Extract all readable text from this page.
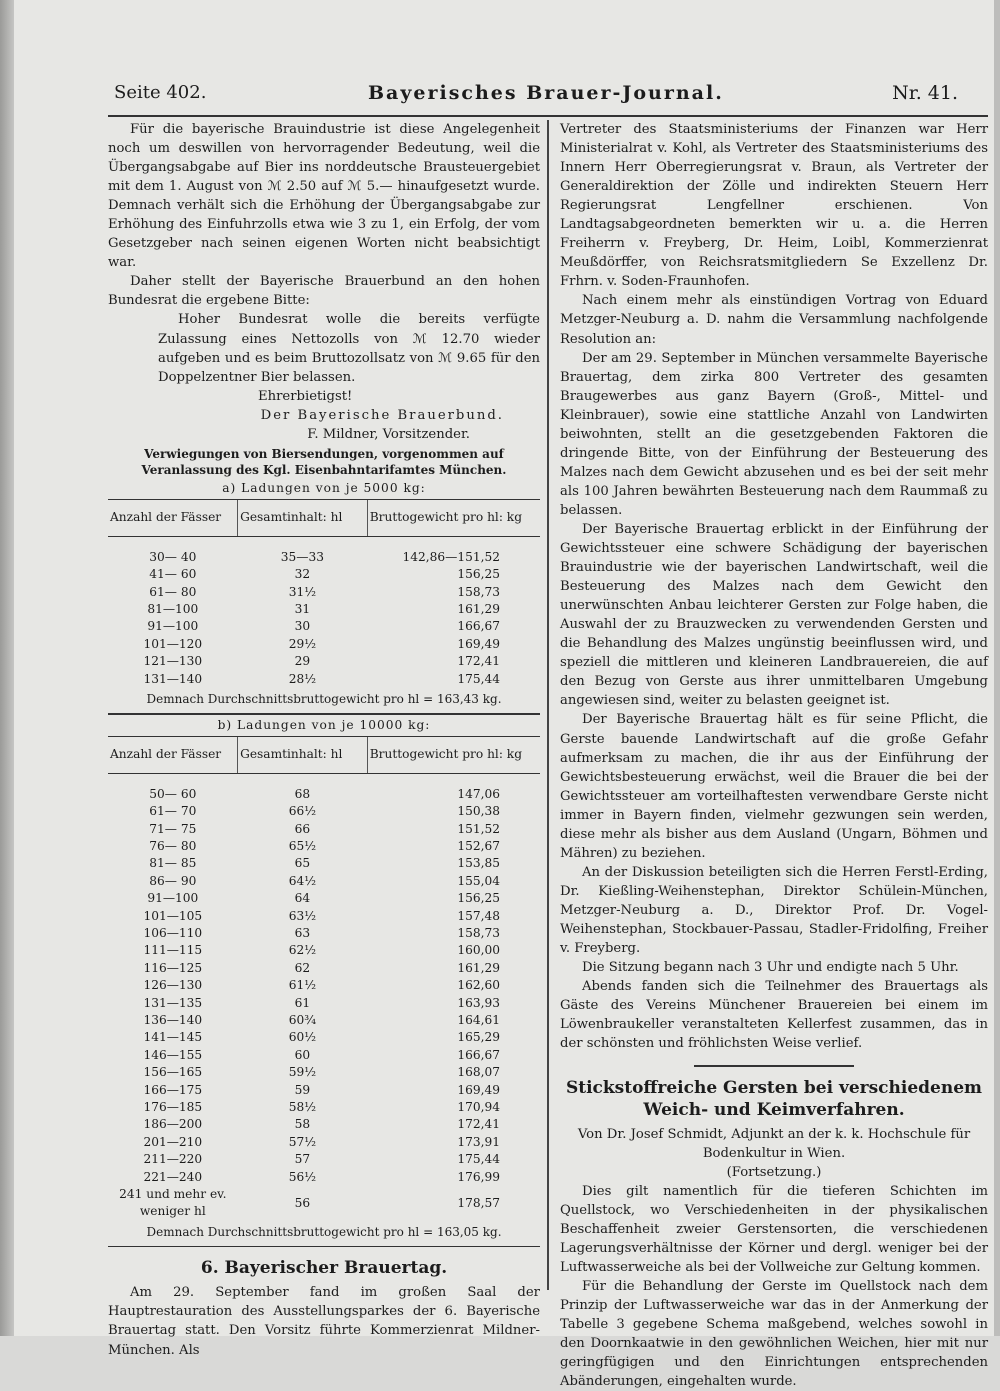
Seite 402.	Bayerisches Brauer-Journal.	Nr. 41.

Für die bayerische Brauindustrie ist diese Angelegenheit noch um deswillen von hervorragender Bedeutung, weil die Übergangsabgabe auf Bier ins norddeutsche Brausteuergebiet mit dem 1. August von ℳ 2.50 auf ℳ 5.— hinaufgesetzt wurde. Demnach verhält sich die Erhöhung der Übergangsabgabe zur Erhöhung des Einfuhrzolls etwa wie 3 zu 1, ein Erfolg, der vom Gesetzgeber nach seinen eigenen Worten nicht beabsichtigt war.

Daher stellt der Bayerische Brauerbund an den hohen Bundesrat die ergebene Bitte:

Hoher Bundesrat wolle die bereits verfügte Zulassung eines Nettozolls von ℳ 12.70 wieder aufgeben und es beim Bruttozollsatz von ℳ 9.65 für den Doppelzentner Bier belassen.

Ehrerbietigst!
Der Bayerische Brauerbund.
F. Mildner, Vorsitzender.
Verwiegungen von Biersendungen, vorgenommen auf Veranlassung des Kgl. Eisenbahntarifamtes München.
a) Ladungen von je 5000 kg:
Anzahl der Fässer	Gesamtinhalt: hl	Bruttogewicht pro hl: kg
30— 40	35—33	142,86—151,52
41— 60	32	156,25
61— 80	31½	158,73
81—100	31	161,29
91—100	30	166,67
101—120	29½	169,49
121—130	29	172,41
131—140	28½	175,44
Demnach Durchschnittsbruttogewicht pro hl = 163,43 kg.
b) Ladungen von je 10000 kg:
Anzahl der Fässer	Gesamtinhalt: hl	Bruttogewicht pro hl: kg
50— 60	68	147,06
61— 70	66½	150,38
71— 75	66	151,52
76— 80	65½	152,67
81— 85	65	153,85
86— 90	64½	155,04
91—100	64	156,25
101—105	63½	157,48
106—110	63	158,73
111—115	62½	160,00
116—125	62	161,29
126—130	61½	162,60
131—135	61	163,93
136—140	60¾	164,61
141—145	60½	165,29
146—155	60	166,67
156—165	59½	168,07
166—175	59	169,49
176—185	58½	170,94
186—200	58	172,41
201—210	57½	173,91
211—220	57	175,44
221—240	56½	176,99
241 und mehr ev. weniger hl	56	178,57
Demnach Durchschnittsbruttogewicht pro hl = 163,05 kg.
6. Bayerischer Brauertag.

Am 29. September fand im großen Saal der Hauptrestauration des Ausstellungsparkes der 6. Bayerische Brauertag statt. Den Vorsitz führte Kommerzienrat Mildner-München. Als

Vertreter des Staatsministeriums der Finanzen war Herr Ministerialrat v. Kohl, als Vertreter des Staatsministeriums des Innern Herr Oberregierungsrat v. Braun, als Vertreter der Generaldirektion der Zölle und indirekten Steuern Herr Regierungsrat Lengfellner erschienen. Von Landtagsabgeordneten bemerkten wir u. a. die Herren Freiherrn v. Freyberg, Dr. Heim, Loibl, Kommerzienrat Meußdörffer, von Reichsratsmitgliedern Se Exzellenz Dr. Frhrn. v. Soden-Fraunhofen.

Nach einem mehr als einstündigen Vortrag von Eduard Metzger-Neuburg a. D. nahm die Versammlung nachfolgende Resolution an:

Der am 29. September in München versammelte Bayerische Brauertag, dem zirka 800 Vertreter des gesamten Braugewerbes aus ganz Bayern (Groß-, Mittel- und Kleinbrauer), sowie eine stattliche Anzahl von Landwirten beiwohnten, stellt an die gesetzgebenden Faktoren die dringende Bitte, von der Einführung der Besteuerung des Malzes nach dem Gewicht abzusehen und es bei der seit mehr als 100 Jahren bewährten Besteuerung nach dem Raummaß zu belassen.

Der Bayerische Brauertag erblickt in der Einführung der Gewichtssteuer eine schwere Schädigung der bayerischen Brauindustrie wie der bayerischen Landwirtschaft, weil die Besteuerung des Malzes nach dem Gewicht den unerwünschten Anbau leichterer Gersten zur Folge haben, die Auswahl der zu Brauzwecken zu verwendenden Gersten und die Behandlung des Malzes ungünstig beeinflussen wird, und speziell die mittleren und kleineren Landbrauereien, die auf den Bezug von Gerste aus ihrer unmittelbaren Umgebung angewiesen sind, weiter zu belasten geeignet ist.

Der Bayerische Brauertag hält es für seine Pflicht, die Gerste bauende Landwirtschaft auf die große Gefahr aufmerksam zu machen, die ihr aus der Einführung der Gewichtsbesteuerung erwächst, weil die Brauer die bei der Gewichtssteuer am vorteilhaftesten verwendbare Gerste nicht immer in Bayern finden, vielmehr gezwungen sein werden, diese mehr als bisher aus dem Ausland (Ungarn, Böhmen und Mähren) zu beziehen.

An der Diskussion beteiligten sich die Herren Ferstl-Erding, Dr. Kießling-Weihenstephan, Direktor Schülein-München, Metzger-Neuburg a. D., Direktor Prof. Dr. Vogel-Weihenstephan, Stockbauer-Passau, Stadler-Fridolfing, Freiher v. Freyberg.

Die Sitzung begann nach 3 Uhr und endigte nach 5 Uhr.

Abends fanden sich die Teilnehmer des Brauertags als Gäste des Vereins Münchener Brauereien bei einem im Löwenbraukeller veranstalteten Kellerfest zusammen, das in der schönsten und fröhlichsten Weise verlief.

Stickstoffreiche Gersten bei verschiedenem Weich- und Keimverfahren.

Von Dr. Josef Schmidt, Adjunkt an der k. k. Hochschule für Bodenkultur in Wien.

(Fortsetzung.)

Dies gilt namentlich für die tieferen Schichten im Quellstock, wo Verschiedenheiten in der physikalischen Beschaffenheit zweier Gerstensorten, die verschiedenen Lagerungsverhältnisse der Körner und dergl. weniger bei der Luftwasserweiche als bei der Vollweiche zur Geltung kommen.

Für die Behandlung der Gerste im Quellstock nach dem Prinzip der Luftwasserweiche war das in der Anmerkung der Tabelle 3 gegebene Schema maßgebend, welches sowohl in den Doornkaatwie in den gewöhnlichen Weichen, hier mit nur geringfügigen und den Einrichtungen entsprechenden Abänderungen, eingehalten wurde.
